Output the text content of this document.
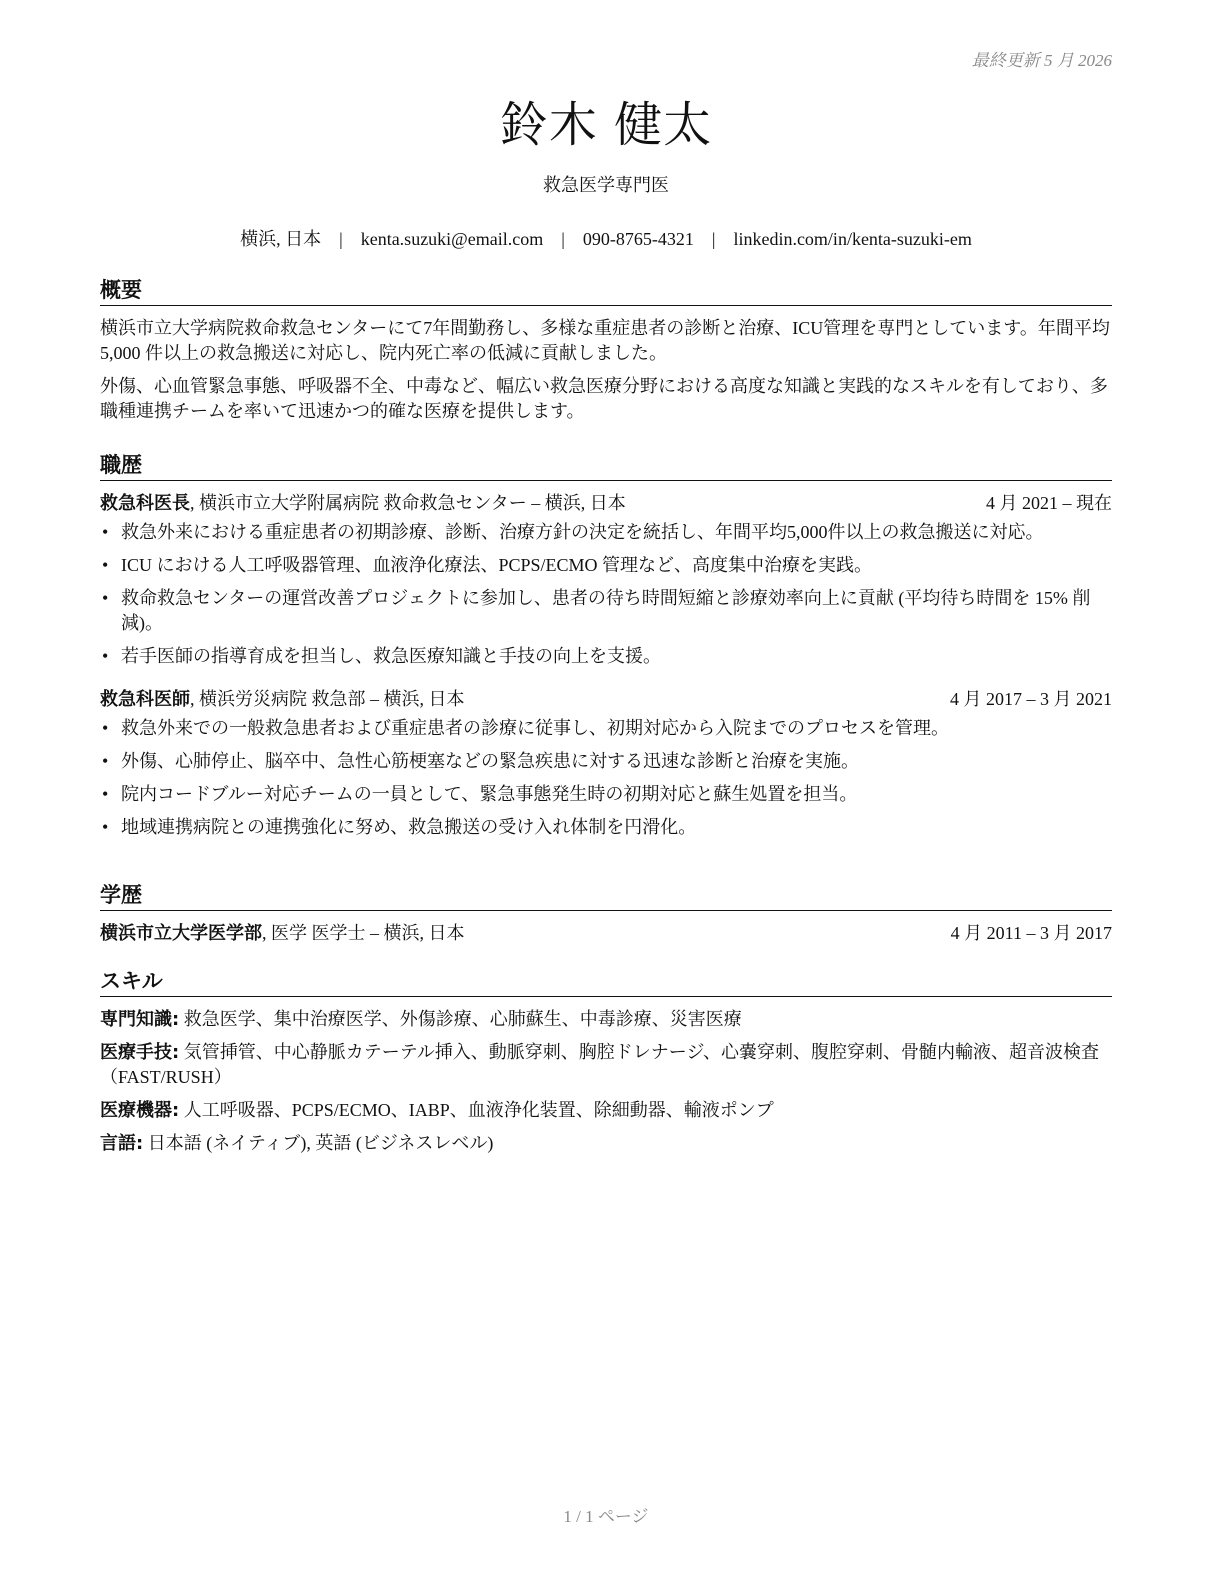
最終更新 5 月 2026
鈴木 健太
救急医学専門医
横浜, 日本 | kenta.suzuki@email.com | 090-8765-4321 | linkedin.com/in/kenta-suzuki-em
概要

横浜市立大学病院救命救急センターにて7年間勤務し、多様な重症患者の診断と治療、ICU管理を専門としています。年間平均 5,000 件以上の救急搬送に対応し、院内死亡率の低減に貢献しました。

外傷、心血管緊急事態、呼吸器不全、中毒など、幅広い救急医療分野における高度な知識と実践的なスキルを有しており、多職種連携チームを率いて迅速かつ的確な医療を提供します。

職歴
救急科医長, 横浜市立大学附属病院 救命救急センター – 横浜, 日本	4 月 2021 – 現在
• 救急外来における重症患者の初期診療、診断、治療方針の決定を統括し、年間平均5,000件以上の救急搬送に対応。
• ICU における人工呼吸器管理、血液浄化療法、PCPS/ECMO 管理など、高度集中治療を実践。
• 救命救急センターの運営改善プロジェクトに参加し、患者の待ち時間短縮と診療効率向上に貢献 (平均待ち時間を 15% 削減)。
• 若手医師の指導育成を担当し、救急医療知識と手技の向上を支援。
救急科医師, 横浜労災病院 救急部 – 横浜, 日本	4 月 2017 – 3 月 2021
• 救急外来での一般救急患者および重症患者の診療に従事し、初期対応から入院までのプロセスを管理。
• 外傷、心肺停止、脳卒中、急性心筋梗塞などの緊急疾患に対する迅速な診断と治療を実施。
• 院内コードブルー対応チームの一員として、緊急事態発生時の初期対応と蘇生処置を担当。
• 地域連携病院との連携強化に努め、救急搬送の受け入れ体制を円滑化。
学歴
横浜市立大学医学部, 医学 医学士 – 横浜, 日本	4 月 2011 – 3 月 2017
スキル
専門知識: 救急医学、集中治療医学、外傷診療、心肺蘇生、中毒診療、災害医療
医療手技: 気管挿管、中心静脈カテーテル挿入、動脈穿刺、胸腔ドレナージ、心嚢穿刺、腹腔穿刺、骨髄内輸液、超音波検査（FAST/RUSH）
医療機器: 人工呼吸器、PCPS/ECMO、IABP、血液浄化装置、除細動器、輸液ポンプ
言語: 日本語 (ネイティブ), 英語 (ビジネスレベル)
1 / 1 ページ
